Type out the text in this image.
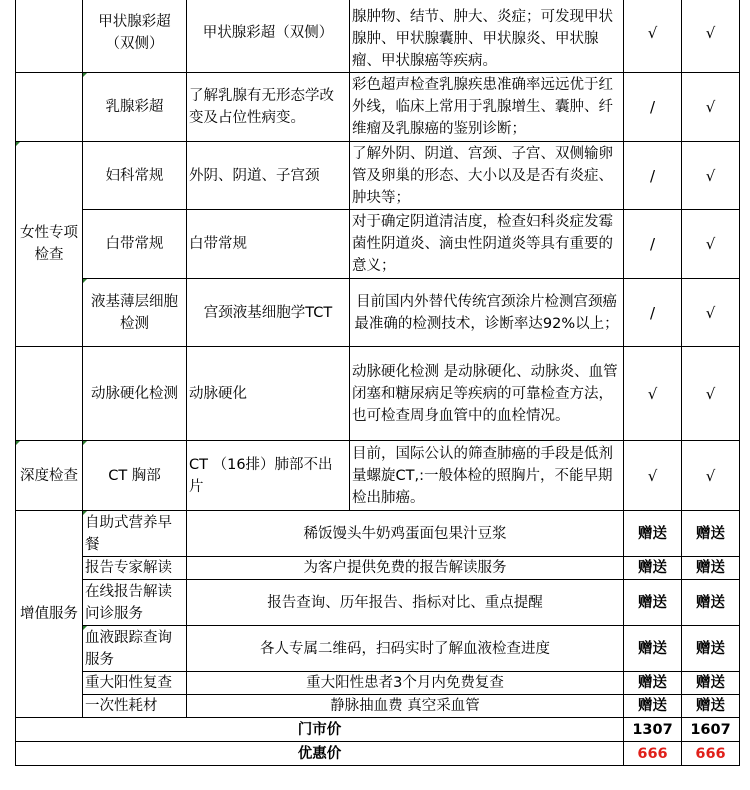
	甲状腺彩超（双侧）	甲状腺彩超（双侧）	腺肿物、结节、肿大、炎症；可发现甲状腺肿、甲状腺囊肿、甲状腺炎、甲状腺瘤、甲状腺癌等疾病。	√	√
	乳腺彩超	了解乳腺有无形态学改变及占位性病变。	彩色超声检查乳腺疾患准确率远远优于红外线，临床上常用于乳腺增生、囊肿、纤维瘤及乳腺癌的鉴别诊断；	/	√
女性专项检查	妇科常规	外阴、阴道、子宫颈	了解外阴、阴道、宫颈、子宫、双侧输卵管及卵巢的形态、大小以及是否有炎症、肿块等；	/	√
	白带常规	白带常规	对于确定阴道清洁度，检查妇科炎症发霉菌性阴道炎、滴虫性阴道炎等具有重要的意义；	/	√
	液基薄层细胞检测	宫颈液基细胞学TCT	目前国内外替代传统宫颈涂片检测宫颈癌最准确的检测技术，诊断率达92%以上；	/	√
	动脉硬化检测	动脉硬化	动脉硬化检测 是动脉硬化、动脉炎、血管闭塞和糖尿病足等疾病的可靠检查方法，也可检查周身血管中的血栓情况。	√	√
深度检查	CT 胸部	CT （16排）肺部不出片	目前，国际公认的筛查肺癌的手段是低剂量螺旋CT,:一般体检的照胸片，不能早期检出肺癌。	√	√
增值服务	自助式营养早餐	稀饭馒头牛奶鸡蛋面包果汁豆浆		赠送	赠送
	报告专家解读	为客户提供免费的报告解读服务		赠送	赠送
	在线报告解读问诊服务	报告查询、历年报告、指标对比、重点提醒		赠送	赠送
	血液跟踪查询服务	各人专属二维码，扫码实时了解血液检查进度		赠送	赠送
	重大阳性复查	重大阳性患者3个月内免费复查		赠送	赠送
	一次性耗材	静脉抽血费 真空采血管		赠送	赠送
门市价				1307	1607
优惠价				666	666
